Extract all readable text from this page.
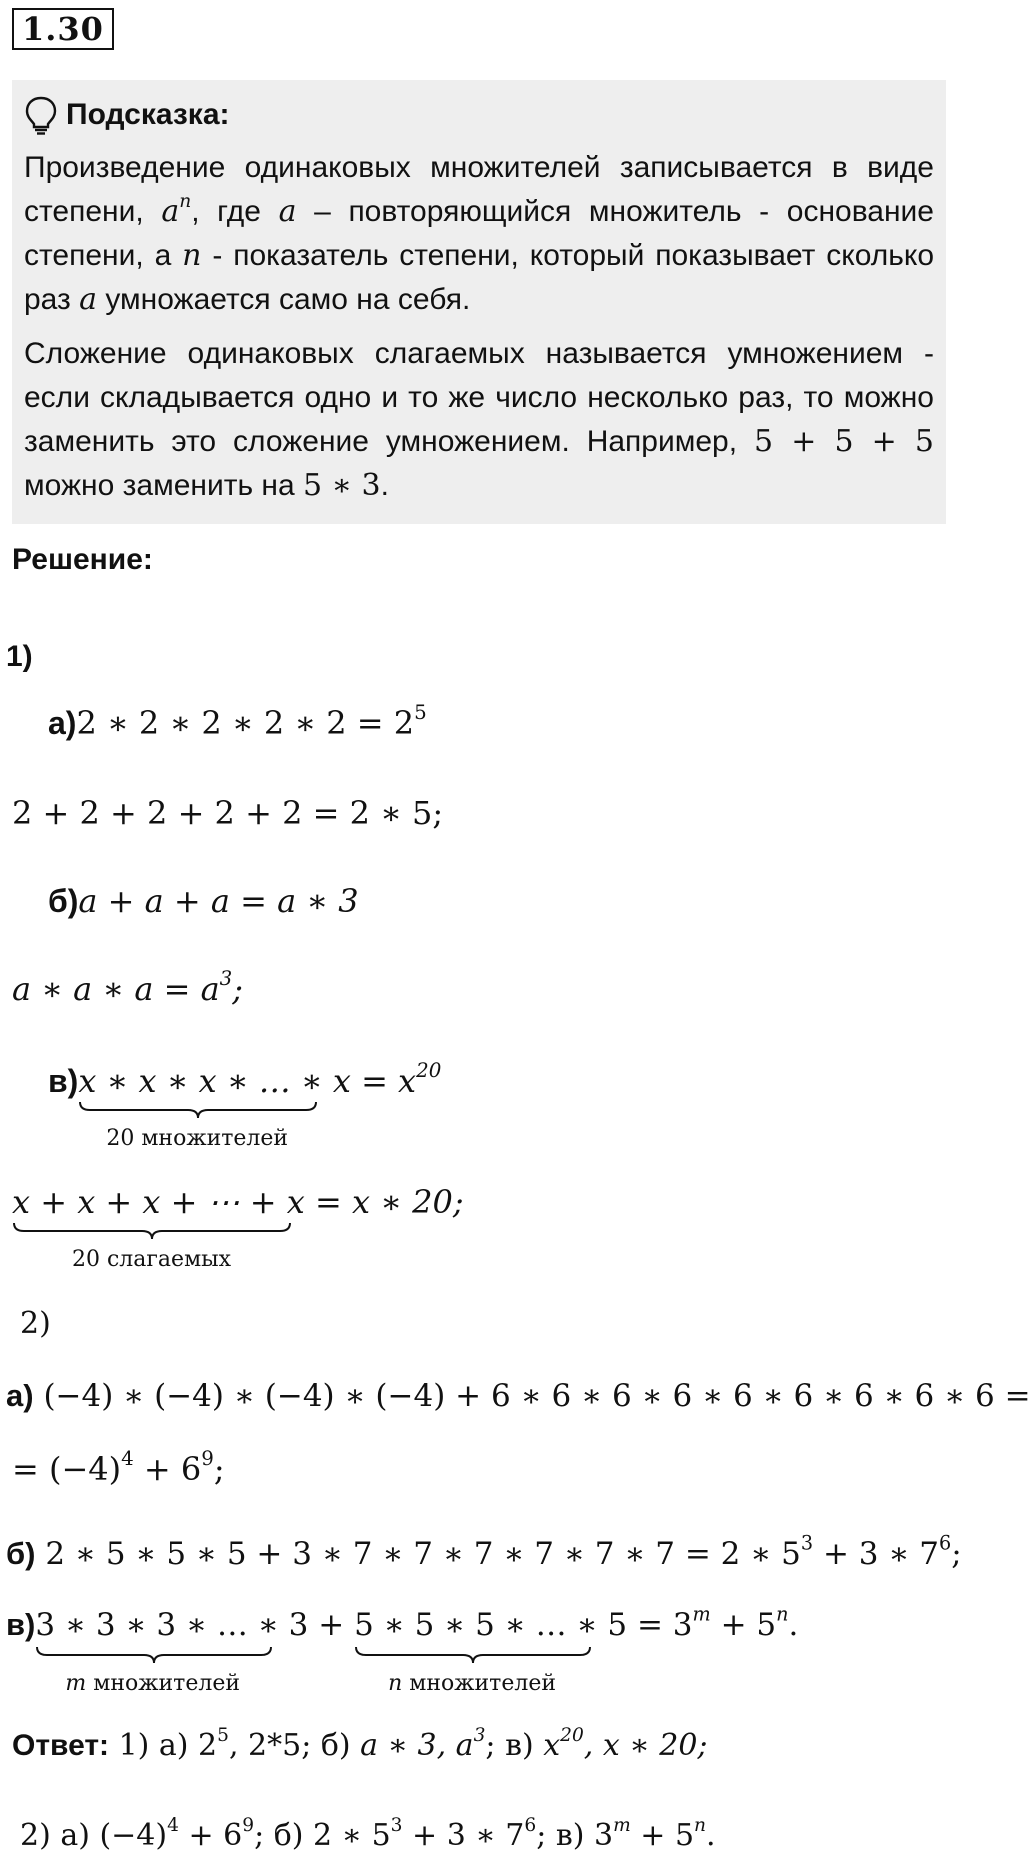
1.30
Подсказка:

Произведение одинаковых множителей записывается в виде степени, $a^n$, где a – повторяющийся множитель - основание степени, а n - показатель степени, который показывает сколько раз a умножается само на себя.

Сложение одинаковых слагаемых называется умножением - если складывается одно и то же число несколько раз, то можно заменить это сложение умножением. Например, 5 + 5 + 5 можно заменить на 5 ∗ 3.

Решение:
1)
а)2 ∗ 2 ∗ 2 ∗ 2 ∗ $2 = 2^5$
2 + 2 + 2 + 2 + 2 = 2 ∗ 5;
б)a + a + a = a ∗ 3
a ∗ a ∗ $a = a^3$;
в)x ∗ x ∗ x ∗ … ∗ x
20 множителей
= $x^{20}$
x + x + x + ⋯ + x
20 слагаемых
= x ∗ 20;
2)
а) (−4) ∗ (−4) ∗ (−4) ∗ (−4) + 6 ∗ 6 ∗ 6 ∗ 6 ∗ 6 ∗ 6 ∗ 6 ∗ 6 ∗ 6 =
= $(-4)^4 + 6^9$;
б) 2 ∗ 5 ∗ 5 ∗ 5 + 3 ∗ 7 ∗ 7 ∗ 7 ∗ 7 ∗ 7 ∗ 7 = 2 ∗ $5^3 + 3$ ∗ $7^6$;
в)3 ∗ 3 ∗ 3 ∗ … ∗ 3
m множителей
+ 5 ∗ 5 ∗ 5 ∗ … ∗ 5
n множителей
= $3^m + 5^n$.
Ответ: 1) а) $2^5$, 2*5; б) a ∗ 3, $a^3$; в) $x^{20}$, x ∗ 20;
2) а) $(-4)^4 + 6^9$; б) 2 ∗ $5^3 + 3$ ∗ $7^6$; в) $3^m + 5^n$.
